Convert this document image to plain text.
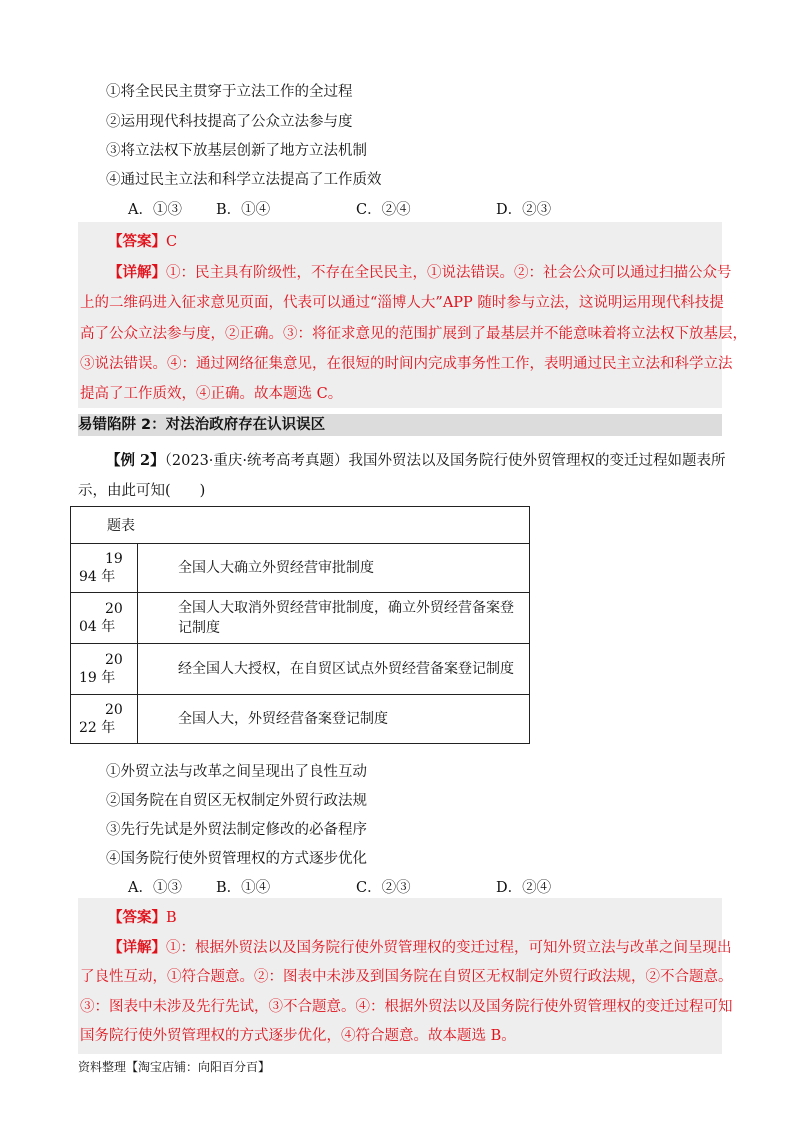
①将全民民主贯穿于立法工作的全过程
②运用现代科技提高了公众立法参与度
③将立法权下放基层创新了地方立法机制
④通过民主立法和科学立法提高了工作质效
A．①③ B．①④	C．②④	D．②③
【答案】C
【详解】①：民主具有阶级性，不存在全民民主，①说法错误。②：社会公众可以通过扫描公众号
上的二维码进入征求意见页面，代表可以通过“淄博人大”APP 随时参与立法，这说明运用现代科技提
高了公众立法参与度，②正确。③：将征求意见的范围扩展到了最基层并不能意味着将立法权下放基层，
③说法错误。④：通过网络征集意见，在很短的时间内完成事务性工作，表明通过民主立法和科学立法
提高了工作质效，④正确。故本题选 C。
易错陷阱 2：对法治政府存在认识误区
【例 2】（2023·重庆·统考高考真题）我国外贸法以及国务院行使外贸管理权的变迁过程如题表所
示，由此可知(　　)
题表	

19
94 年	全国人大确立外贸经营审批制度

20
04 年	全国人大取消外贸经营审批制度，确立外贸经营备案登记制度

20
19 年	经全国人大授权，在自贸区试点外贸经营备案登记制度

20
22 年	全国人大，外贸经营备案登记制度
①外贸立法与改革之间呈现出了良性互动
②国务院在自贸区无权制定外贸行政法规
③先行先试是外贸法制定修改的必备程序
④国务院行使外贸管理权的方式逐步优化
A．①③ B．①④	C．②③	D．②④
【答案】B
【详解】①：根据外贸法以及国务院行使外贸管理权的变迁过程，可知外贸立法与改革之间呈现出
了良性互动，①符合题意。②：图表中未涉及到国务院在自贸区无权制定外贸行政法规，②不合题意。
③：图表中未涉及先行先试，③不合题意。④：根据外贸法以及国务院行使外贸管理权的变迁过程可知
国务院行使外贸管理权的方式逐步优化，④符合题意。故本题选 B。
资料整理【淘宝店铺：向阳百分百】
